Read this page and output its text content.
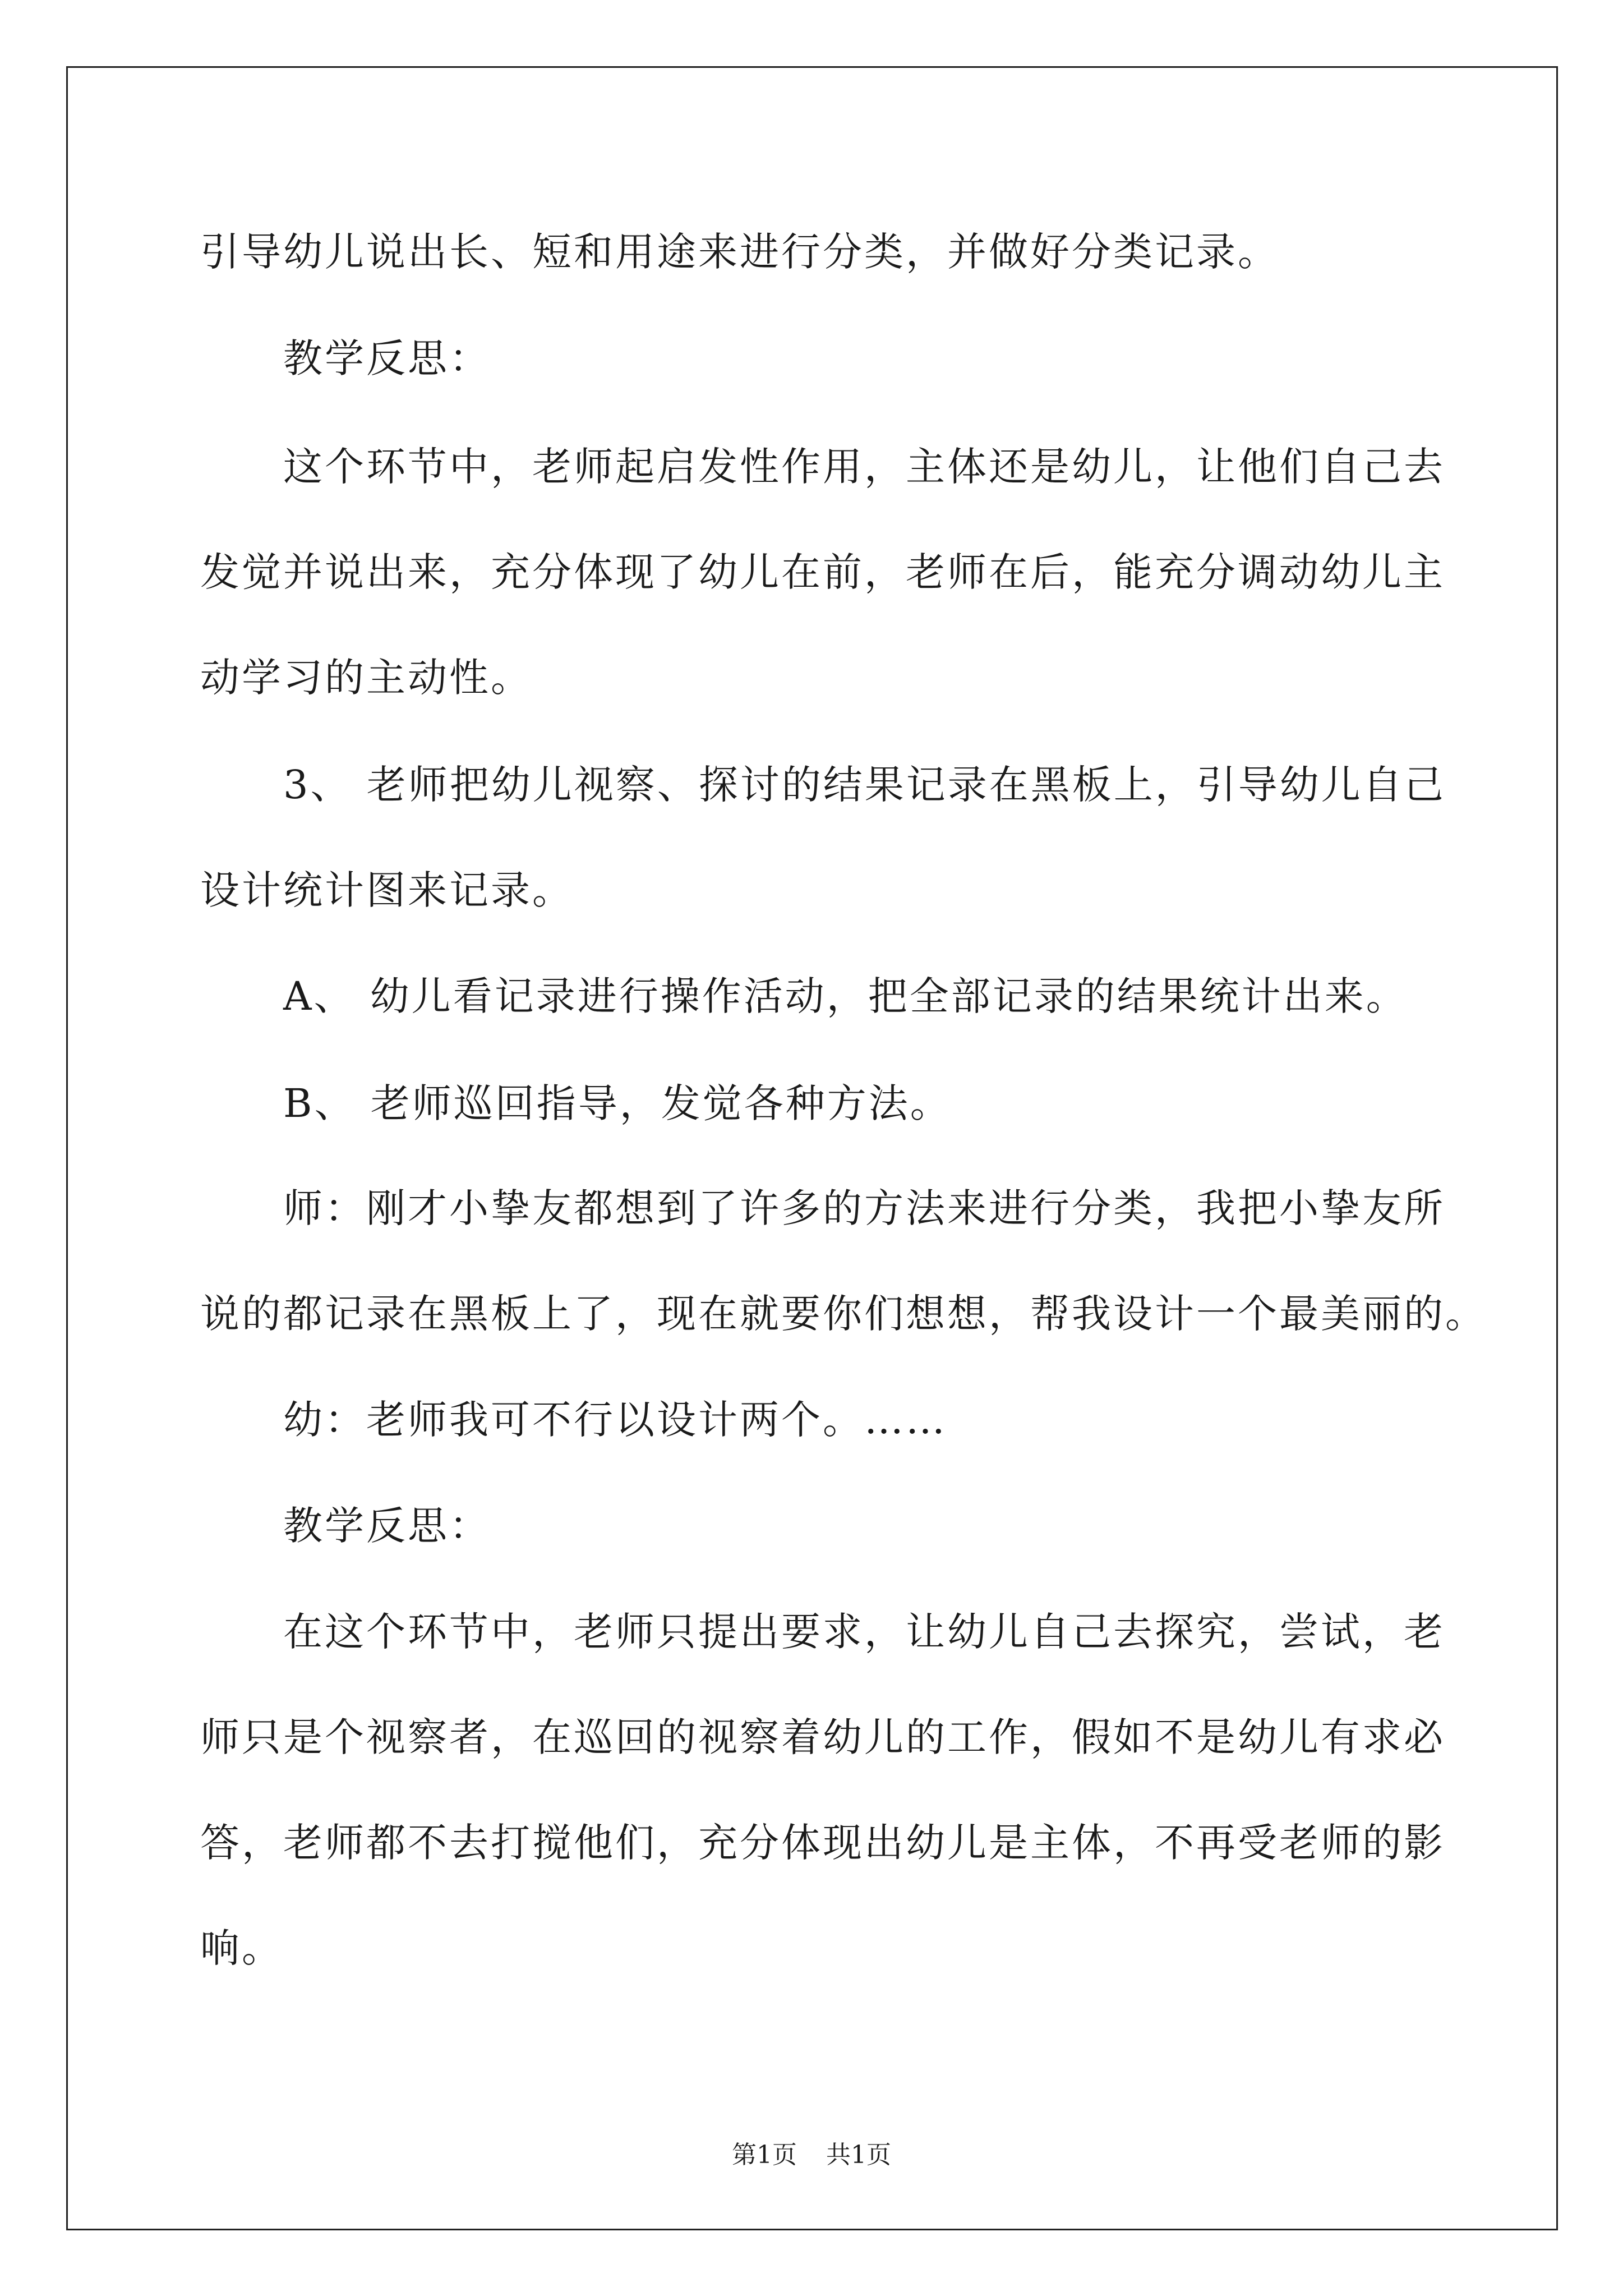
引导幼儿说出长、短和用途来进行分类，并做好分类记录。

教学反思：

这个环节中，老师起启发性作用，主体还是幼儿，让他们自己去
发觉并说出来，充分体现了幼儿在前，老师在后，能充分调动幼儿主
动学习的主动性。

3、 老师把幼儿视察、探讨的结果记录在黑板上，引导幼儿自己
设计统计图来记录。

A、 幼儿看记录进行操作活动，把全部记录的结果统计出来。

B、 老师巡回指导，发觉各种方法。

师：刚才小挚友都想到了许多的方法来进行分类，我把小挚友所
说的都记录在黑板上了，现在就要你们想想，帮我设计一个最美丽的。

幼：老师我可不行以设计两个。……

教学反思：

在这个环节中，老师只提出要求，让幼儿自己去探究，尝试，老
师只是个视察者，在巡回的视察着幼儿的工作，假如不是幼儿有求必
答，老师都不去打搅他们，充分体现出幼儿是主体，不再受老师的影
响。

第1页 共1页
